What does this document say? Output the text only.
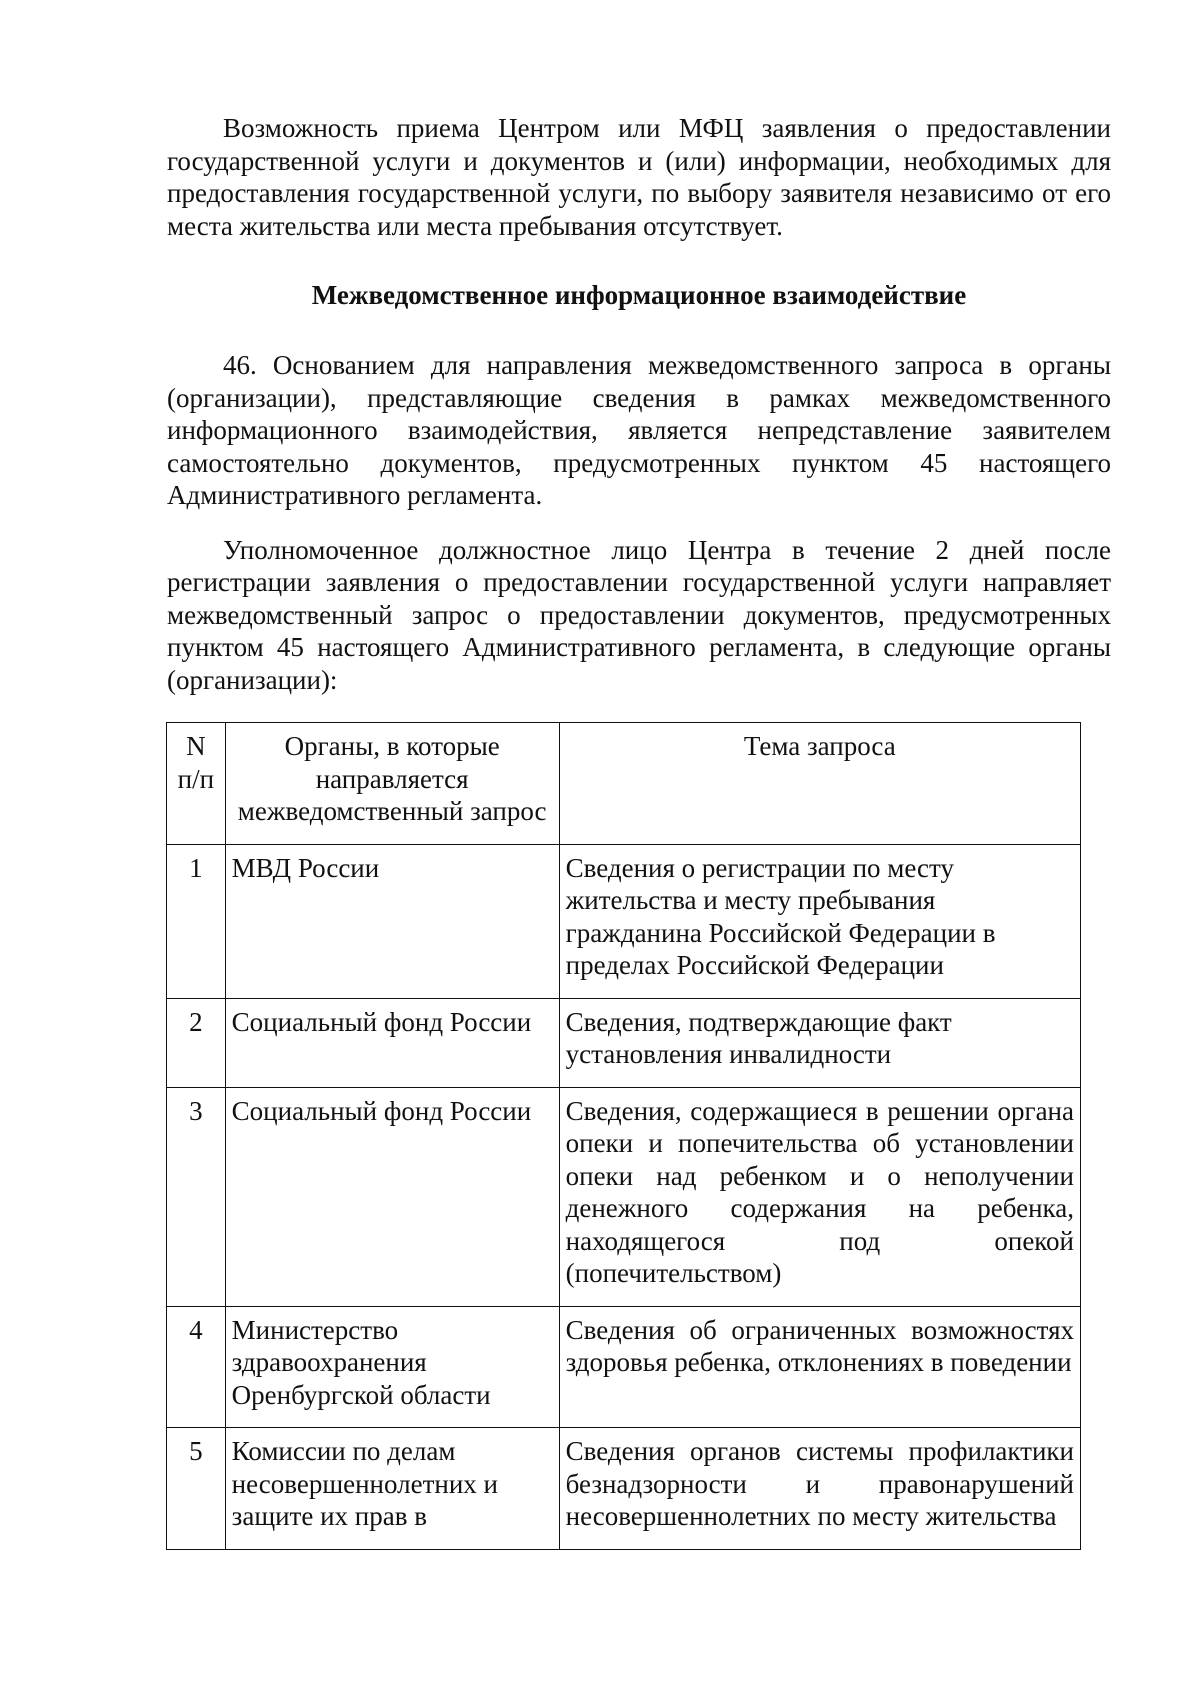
Возможность приема Центром или МФЦ заявления о предоставлении государственной услуги и документов и (или) информации, необходимых для предоставления государственной услуги, по выбору заявителя независимо от его места жительства или места пребывания отсутствует.

Межведомственное информационное взаимодействие

46. Основанием для направления межведомственного запроса в органы (организации), представляющие сведения в рамках межведомственного информационного взаимодействия, является непредставление заявителем самостоятельно документов, предусмотренных пунктом 45 настоящего Административного регламента.

Уполномоченное должностное лицо Центра в течение 2 дней после регистрации заявления о предоставлении государственной услуги направляет межведомственный запрос о предоставлении документов, предусмотренных пунктом 45 настоящего Административного регламента, в следующие органы (организации):

N п/п	Органы, в которые направляется межведомственный запрос	Тема запроса
1	МВД России	Сведения о регистрации по месту жительства и месту пребывания гражданина Российской Федерации в пределах Российской Федерации
2	Социальный фонд России	Сведения, подтверждающие факт установления инвалидности
3	Социальный фонд России	Сведения, содержащиеся в решении органа опеки и попечительства об установлении опеки над ребенком и о неполучении денежного содержания на ребенка, находящегося под опекой (попечительством)
4	Министерство здравоохранения Оренбургской области	Сведения об ограниченных возможностях здоровья ребенка, отклонениях в поведении
5	Комиссии по делам несовершеннолетних и защите их прав в	Сведения органов системы профилактики безнадзорности и правонарушений несовершеннолетних по месту жительства
